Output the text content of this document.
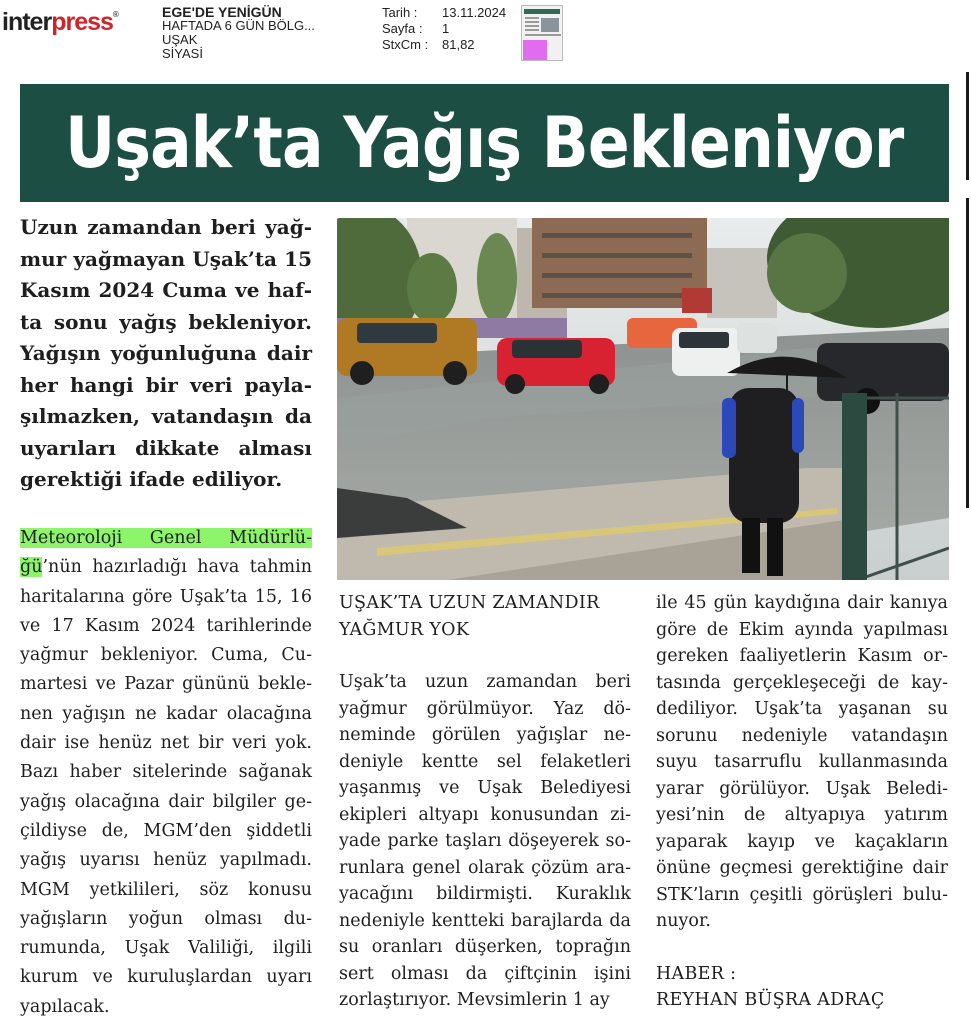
interpress®	EGE'DE YENİGÜN
HAFTADA 6 GÜN BÖLG...
UŞAK
SİYASİ
Tarih :	13.11.2024
Sayfa :	1
StxCm :	81,82
Uşak’ta Yağış Bekleniyor
Uzun zamandan beri yağmur yağmayan Uşak’ta 15 Kasım 2024 Cuma ve hafta sonu yağış bekleniyor. Yağışın yoğunluğuna dair her hangi bir veri paylaşılmazken, vatandaşın da uyarıları dikkate alması gerektiği ifade ediliyor.
Meteoroloji Genel Müdürlüğü’nün hazırladığı hava tahmin haritalarına göre Uşak’ta 15, 16 ve 17 Kasım 2024 tarihlerinde yağmur bekleniyor. Cuma, Cumartesi ve Pazar gününü beklenen yağışın ne kadar olacağına dair ise henüz net bir veri yok. Bazı haber sitelerinde sağanak yağış olacağına dair bilgiler geçildiyse de, MGM’den şiddetli yağış uyarısı henüz yapılmadı. MGM yetkilileri, söz konusu yağışların yoğun olması durumunda, Uşak Valiliği, ilgili kurum ve kuruluşlardan uyarı yapılacak.
UŞAK’TA UZUN ZAMANDIR YAĞMUR YOK
Uşak’ta uzun zamandan beri yağmur görülmüyor. Yaz döneminde görülen yağışlar nedeniyle kentte sel felaketleri yaşanmış ve Uşak Belediyesi ekipleri altyapı konusundan ziyade parke taşları döşeyerek sorunlara genel olarak çözüm arayacağını bildirmişti. Kuraklık nedeniyle kentteki barajlarda da su oranları düşerken, toprağın sert olması da çiftçinin işini zorlaştırıyor. Mevsimlerin 1 ay
ile 45 gün kaydığına dair kanıya göre de Ekim ayında yapılması gereken faaliyetlerin Kasım ortasında gerçekleşeceği de kaydediliyor. Uşak’ta yaşanan su sorunu nedeniyle vatandaşın suyu tasarruflu kullanmasında yarar görülüyor. Uşak Belediyesi’nin de altyapıya yatırım yaparak kayıp ve kaçakların önüne geçmesi gerektiğine dair STK’ların çeşitli görüşleri bulunuyor.
HABER :
REYHAN BÜŞRA ADRAÇ
